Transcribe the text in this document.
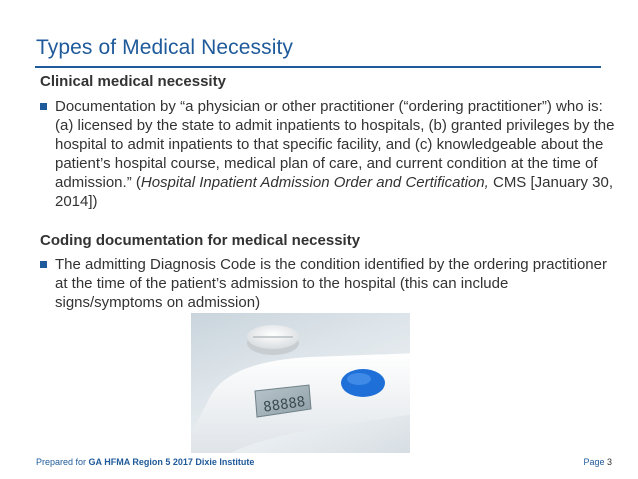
Types of Medical Necessity
Clinical medical necessity
Documentation by “a physician or other practitioner (“ordering practitioner”) who is: (a) licensed by the state to admit inpatients to hospitals, (b) granted privileges by the hospital to admit inpatients to that specific facility, and (c) knowledgeable about the patient’s hospital course, medical plan of care, and current condition at the time of admission.” (Hospital Inpatient Admission Order and Certification, CMS [January 30, 2014])
Coding documentation for medical necessity
The admitting Diagnosis Code is the condition identified by the ordering practitioner at the time of the patient’s admission to the hospital (this can include signs/symptoms on admission)
88888
Prepared for GA HFMA Region 5 2017 Dixie Institute	Page 3
